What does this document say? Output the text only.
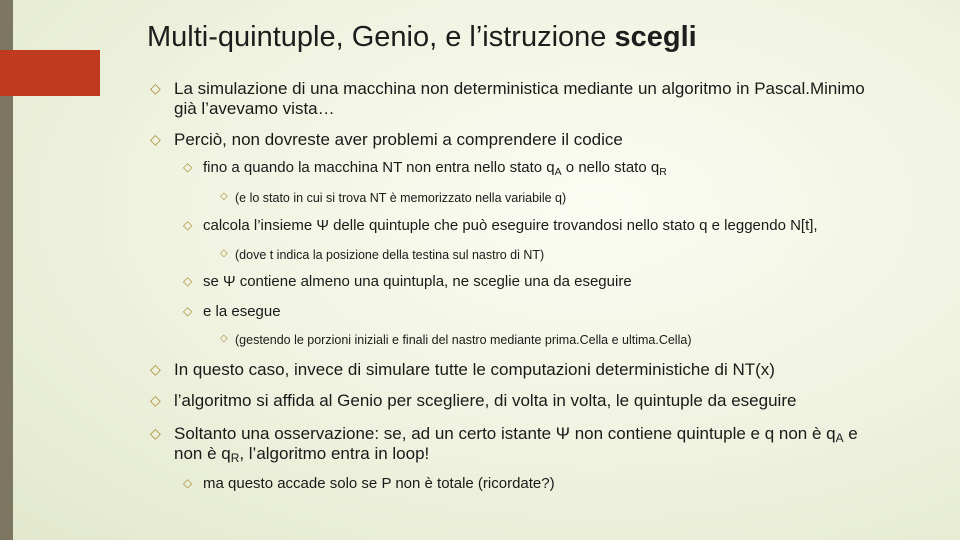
Multi-quintuple, Genio, e l’istruzione scegli
◇ La simulazione di una macchina non deterministica mediante un algoritmo in Pascal.Minimo
già l’avevamo vista…
◇ Perciò, non dovreste aver problemi a comprendere il codice
◇ fino a quando la macchina NT non entra nello stato $q_A$ o nello stato $q_R$
◇ (e lo stato in cui si trova NT è memorizzato nella variabile q)
◇ calcola l’insieme Ψ delle quintuple che può eseguire trovandosi nello stato q e leggendo N[t],
◇ (dove t indica la posizione della testina sul nastro di NT)
◇ se Ψ contiene almeno una quintupla, ne sceglie una da eseguire
◇ e la esegue
◇ (gestendo le porzioni iniziali e finali del nastro mediante prima.Cella e ultima.Cella)
◇ In questo caso, invece di simulare tutte le computazioni deterministiche di NT(x)
◇ l’algoritmo si affida al Genio per scegliere, di volta in volta, le quintuple da eseguire
◇ Soltanto una osservazione: se, ad un certo istante Ψ non contiene quintuple e q non è $q_A$ e
non è $q_R$, l’algoritmo entra in loop!
◇ ma questo accade solo se P non è totale (ricordate?)
